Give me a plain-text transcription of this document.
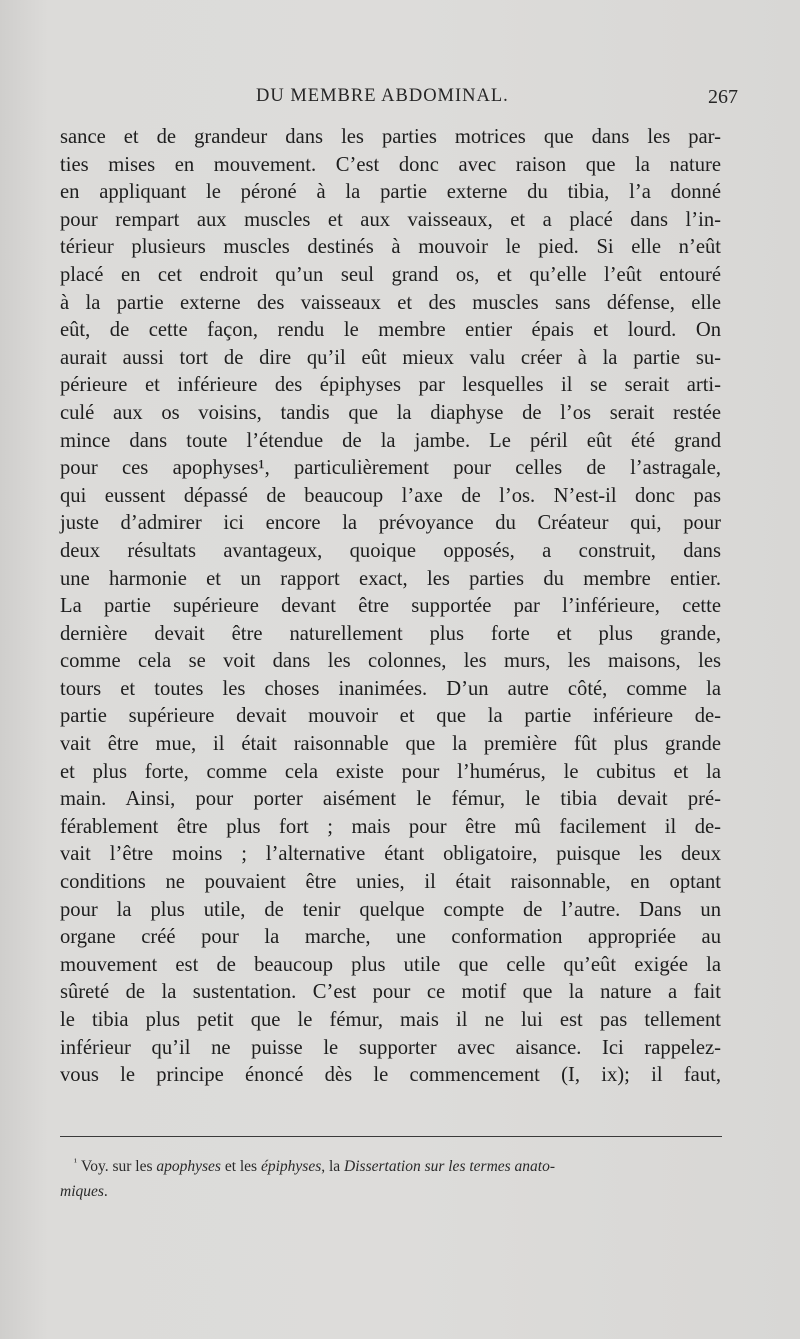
DU MEMBRE ABDOMINAL.	267
sance et de grandeur dans les parties motrices que dans les par-
ties mises en mouvement. C’est donc avec raison que la nature
en appliquant le péroné à la partie externe du tibia, l’a donné
pour rempart aux muscles et aux vaisseaux, et a placé dans l’in-
térieur plusieurs muscles destinés à mouvoir le pied. Si elle n’eût
placé en cet endroit qu’un seul grand os, et qu’elle l’eût entouré
à la partie externe des vaisseaux et des muscles sans défense, elle
eût, de cette façon, rendu le membre entier épais et lourd. On
aurait aussi tort de dire qu’il eût mieux valu créer à la partie su-
périeure et inférieure des épiphyses par lesquelles il se serait arti-
culé aux os voisins, tandis que la diaphyse de l’os serait restée
mince dans toute l’étendue de la jambe. Le péril eût été grand
pour ces apophyses¹, particulièrement pour celles de l’astragale,
qui eussent dépassé de beaucoup l’axe de l’os. N’est-il donc pas
juste d’admirer ici encore la prévoyance du Créateur qui, pour
deux résultats avantageux, quoique opposés, a construit, dans
une harmonie et un rapport exact, les parties du membre entier.
La partie supérieure devant être supportée par l’inférieure, cette
dernière devait être naturellement plus forte et plus grande,
comme cela se voit dans les colonnes, les murs, les maisons, les
tours et toutes les choses inanimées. D’un autre côté, comme la
partie supérieure devait mouvoir et que la partie inférieure de-
vait être mue, il était raisonnable que la première fût plus grande
et plus forte, comme cela existe pour l’humérus, le cubitus et la
main. Ainsi, pour porter aisément le fémur, le tibia devait pré-
férablement être plus fort ; mais pour être mû facilement il de-
vait l’être moins ; l’alternative étant obligatoire, puisque les deux
conditions ne pouvaient être unies, il était raisonnable, en optant
pour la plus utile, de tenir quelque compte de l’autre. Dans un
organe créé pour la marche, une conformation appropriée au
mouvement est de beaucoup plus utile que celle qu’eût exigée la
sûreté de la sustentation. C’est pour ce motif que la nature a fait
le tibia plus petit que le fémur, mais il ne lui est pas tellement
inférieur qu’il ne puisse le supporter avec aisance. Ici rappelez-
vous le principe énoncé dès le commencement (I, ix); il faut,
$^{^1}$ Voy. sur les apophyses et les épiphyses, la Dissertation sur les termes anato-
miques.
